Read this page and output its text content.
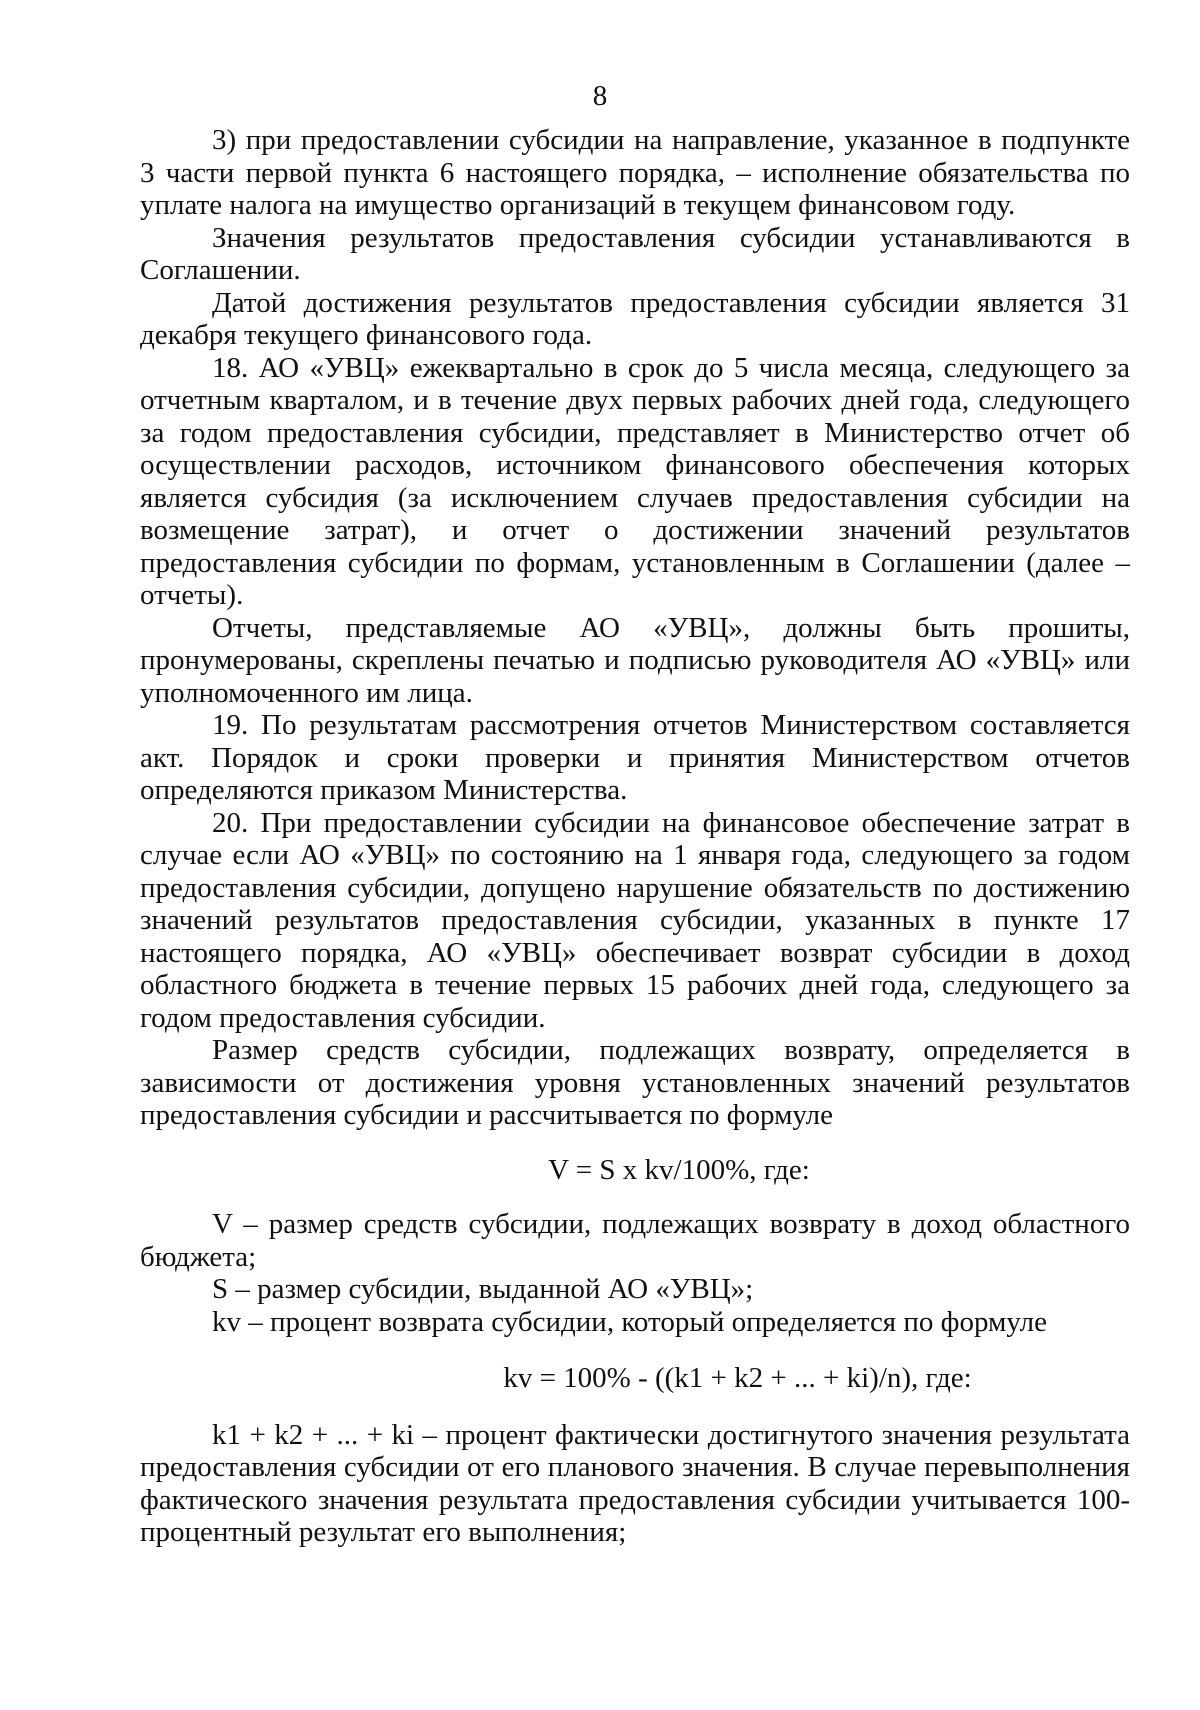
8

3) при предоставлении субсидии на направление, указанное в подпункте 3 части первой пункта 6 настоящего порядка, – исполнение обязательства по уплате налога на имущество организаций в текущем финансовом году.

Значения результатов предоставления субсидии устанавливаются в Соглашении.

Датой достижения результатов предоставления субсидии является 31 декабря текущего финансового года.

18. АО «УВЦ» ежеквартально в срок до 5 числа месяца, следующего за отчетным кварталом, и в течение двух первых рабочих дней года, следующего за годом предоставления субсидии, представляет в Министерство отчет об осуществлении расходов, источником финансового обеспечения которых является субсидия (за исключением случаев предоставления субсидии на возмещение затрат), и отчет о достижении значений результатов предоставления субсидии по формам, установленным в Соглашении (далее – отчеты).

Отчеты, представляемые АО «УВЦ», должны быть прошиты, пронумерованы, скреплены печатью и подписью руководителя АО «УВЦ» или уполномоченного им лица.

19. По результатам рассмотрения отчетов Министерством составляется акт. Порядок и сроки проверки и принятия Министерством отчетов определяются приказом Министерства.

20. При предоставлении субсидии на финансовое обеспечение затрат в случае если АО «УВЦ» по состоянию на 1 января года, следующего за годом предоставления субсидии, допущено нарушение обязательств по достижению значений результатов предоставления субсидии, указанных в пункте 17 настоящего порядка, АО «УВЦ» обеспечивает возврат субсидии в доход областного бюджета в течение первых 15 рабочих дней года, следующего за годом предоставления субсидии.

Размер средств субсидии, подлежащих возврату, определяется в зависимости от достижения уровня установленных значений результатов предоставления субсидии и рассчитывается по формуле

V = S x kv/100%, где:

V – размер средств субсидии, подлежащих возврату в доход областного бюджета;

S – размер субсидии, выданной АО «УВЦ»;

kv – процент возврата субсидии, который определяется по формуле

kv = 100% - ((k1 + k2 + ... + ki)/n), где:

k1 + k2 + ... + ki – процент фактически достигнутого значения результата предоставления субсидии от его планового значения. В случае перевыполнения фактического значения результата предоставления субсидии учитывается 100-процентный результат его выполнения;
